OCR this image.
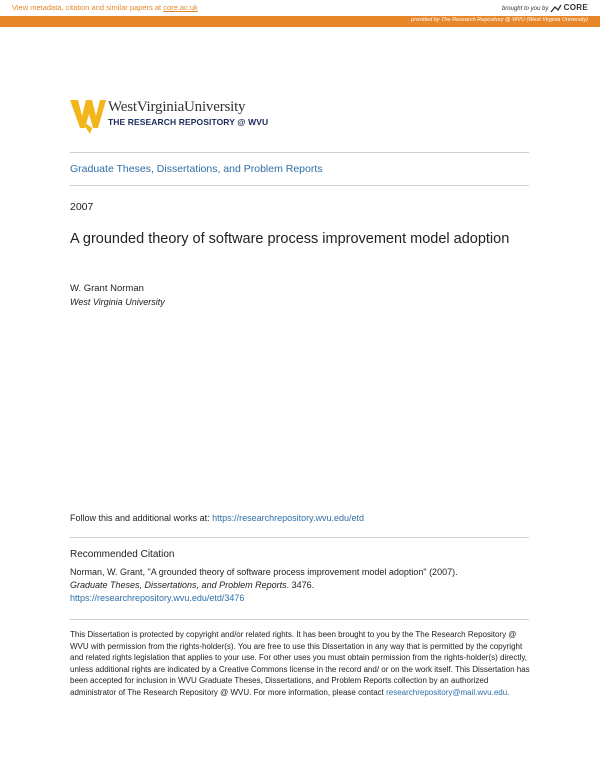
View metadata, citation and similar papers at core.ac.uk	brought to you by CORE
provided by The Research Repository @ WVU (West Virginia University)
WestVirginiaUniversity
THE RESEARCH REPOSITORY @ WVU
Graduate Theses, Dissertations, and Problem Reports
2007
A grounded theory of software process improvement model adoption
W. Grant Norman
West Virginia University
Follow this and additional works at: https://researchrepository.wvu.edu/etd
Recommended Citation
Norman, W. Grant, "A grounded theory of software process improvement model adoption" (2007).
Graduate Theses, Dissertations, and Problem Reports. 3476.
https://researchrepository.wvu.edu/etd/3476
This Dissertation is protected by copyright and/or related rights. It has been brought to you by the The Research Repository @ WVU with permission from the rights-holder(s). You are free to use this Dissertation in any way that is permitted by the copyright and related rights legislation that applies to your use. For other uses you must obtain permission from the rights-holder(s) directly, unless additional rights are indicated by a Creative Commons license in the record and/ or on the work itself. This Dissertation has been accepted for inclusion in WVU Graduate Theses, Dissertations, and Problem Reports collection by an authorized administrator of The Research Repository @ WVU. For more information, please contact researchrepository@mail.wvu.edu.
